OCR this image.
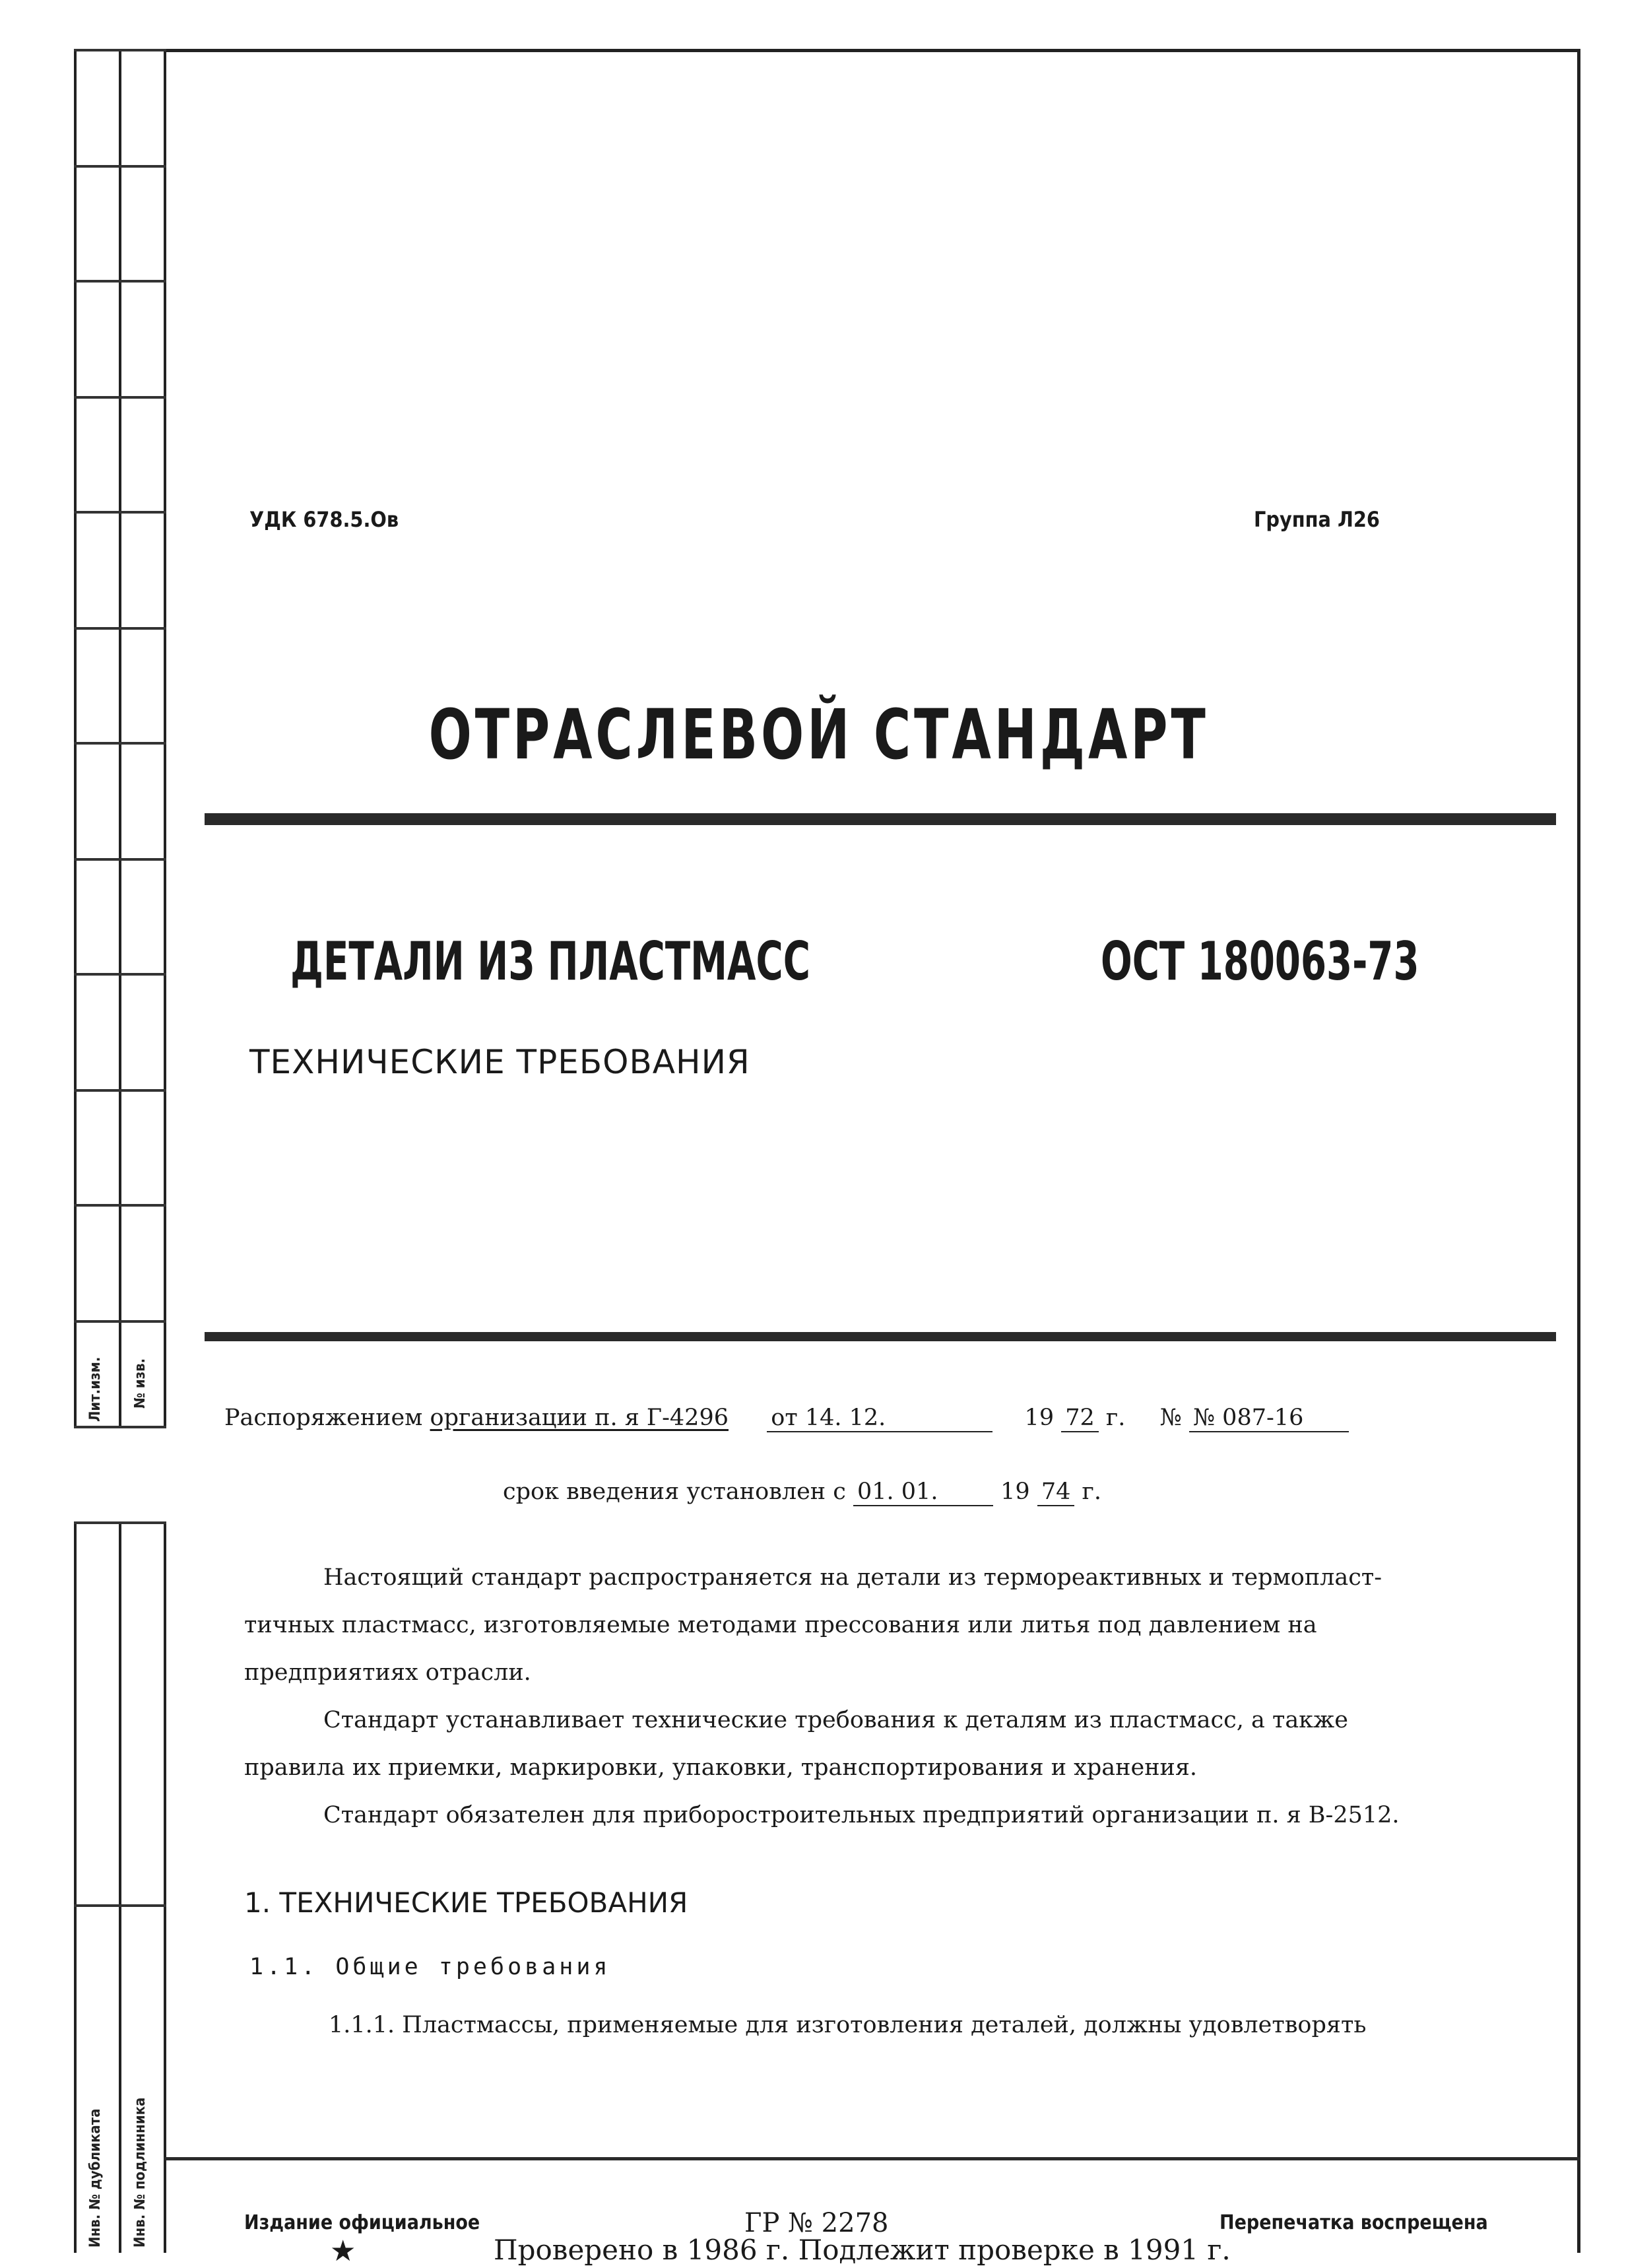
Лит.изм. № изв.
Инв. № дубликата Инв. № подлинника
УДК 678.5.Ов	Группа Л26
ОТРАСЛЕВОЙ СТАНДАРТ
ДЕТАЛИ ИЗ ПЛАСТМАСС	ОСТ 180063-73
ТЕХНИЧЕСКИЕ ТРЕБОВАНИЯ
Распоряжением организации п. я Г-4296 от 14. 12.	19 72 г. № № 087-16
срок введения установлен с 01. 01.	19 74 г.
Настоящий стандарт распространяется на детали из термореактивных и термопласт-
тичных пластмасс, изготовляемые методами прессования или литья под давлением на
предприятиях отрасли.
Стандарт устанавливает технические требования к деталям из пластмасс, а также
правила их приемки, маркировки, упаковки, транспортирования и хранения.
Стандарт обязателен для приборостроительных предприятий организации п. я В-2512.
1. ТЕХНИЧЕСКИЕ ТРЕБОВАНИЯ
1.1. Общие требования
1.1.1. Пластмассы, применяемые для изготовления деталей, должны удовлетворять
Издание официальное	ГР № 2278	Перепечатка воспрещена
★	Проверено в 1986 г. Подлежит проверке в 1991 г.
